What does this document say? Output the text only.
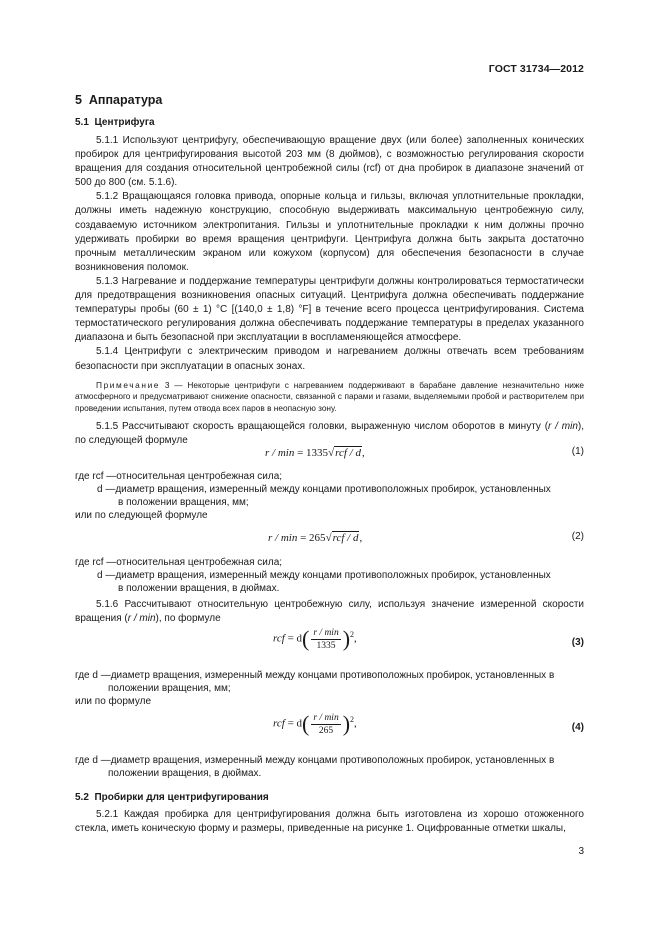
ГОСТ 31734—2012
5 Аппаратура
5.1 Центрифуга

5.1.1 Используют центрифугу, обеспечивающую вращение двух (или более) заполненных конических пробирок для центрифугирования высотой 203 мм (8 дюймов), с возможностью регулирования скорости вращения для создания относительной центробежной силы (rcf) от дна пробирок в диапазоне значений от 500 до 800 (см. 5.1.6).

5.1.2 Вращающаяся головка привода, опорные кольца и гильзы, включая уплотнительные прокладки, должны иметь надежную конструкцию, способную выдерживать максимальную центробежную силу, создаваемую источником электропитания. Гильзы и уплотнительные прокладки к ним должны прочно удерживать пробирки во время вращения центрифуги. Центрифуга должна быть закрыта достаточно прочным металлическим экраном или кожухом (корпусом) для обеспечения безопасности в случае возникновения поломок.

5.1.3 Нагревание и поддержание температуры центрифуги должны контролироваться термостатически для предотвращения возникновения опасных ситуаций. Центрифуга должна обеспечивать поддержание температуры пробы (60 ± 1) °С [(140,0 ± 1,8) °F] в течение всего процесса центрифугирования. Система термостатического регулирования должна обеспечивать поддержание температуры в пределах указанного диапазона и быть безопасной при эксплуатации в воспламеняющейся атмосфере.

5.1.4 Центрифуги с электрическим приводом и нагреванием должны отвечать всем требованиям безопасности при эксплуатации в опасных зонах.

Примечание 3 — Некоторые центрифуги с нагреванием поддерживают в барабане давление незначительно ниже атмосферного и предусматривают снижение опасности, связанной с парами и газами, выделяемыми пробой и растворителем при проведении испытания, путем отвода всех паров в неопасную зону.

5.1.5 Рассчитывают скорость вращающейся головки, выраженную числом оборотов в минуту (r / min), по следующей формуле

r / min = 1335√rcf / d,	(1)
где rcf — относительная центробежная сила;
d — диаметр вращения, измеренный между концами противоположных пробирок, установленных
в положении вращения, мм;
или по следующей формуле
r / min = 265√rcf / d,	(2)
где rcf — относительная центробежная сила;
d — диаметр вращения, измеренный между концами противоположных пробирок, установленных
в положении вращения, в дюймах.

5.1.6 Рассчитывают относительную центробежную силу, используя значение измеренной скорости вращения (r / min), по формуле

rcf = $d( \frac{r / \min}{1335} )^2$,	(3)
где d — диаметр вращения, измеренный между концами противоположных пробирок, установленных в
положении вращения, мм;
или по формуле
rcf = $d( \frac{r / \min}{265} )^2$,	(4)
где d — диаметр вращения, измеренный между концами противоположных пробирок, установленных в
положении вращения, в дюймах.
5.2 Пробирки для центрифугирования

5.2.1 Каждая пробирка для центрифугирования должна быть изготовлена из хорошо отожженного стекла, иметь коническую форму и размеры, приведенные на рисунке 1. Оцифрованные отметки шкалы,

3
